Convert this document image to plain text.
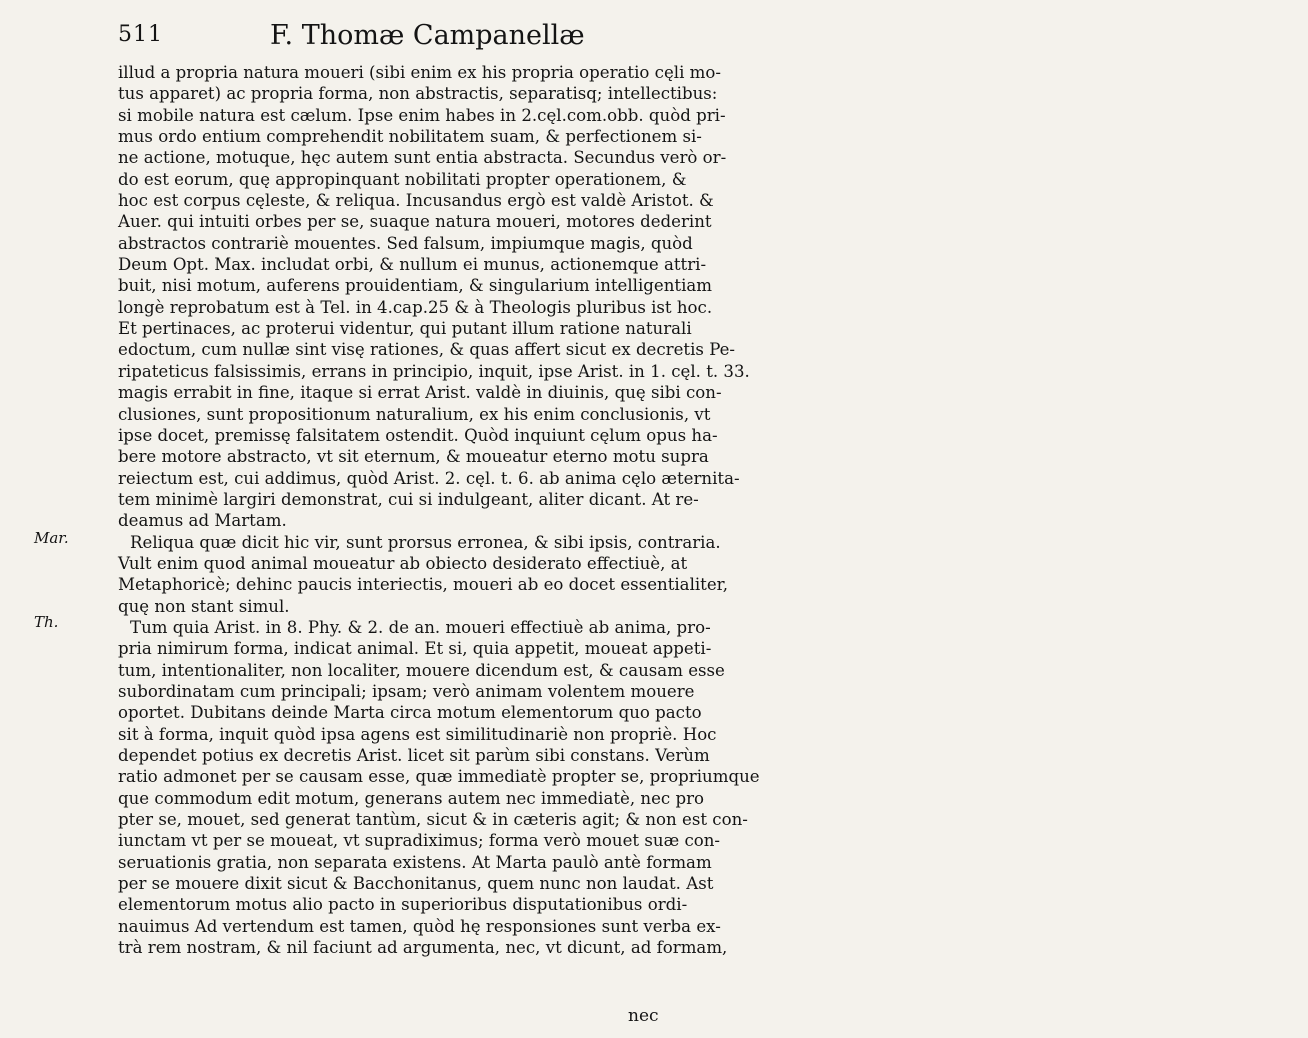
511	F. Thomæ Campanellæ
Mar.
Th.
illud a propria natura moueri (sibi enim ex his propria operatio cęli mo-
tus apparet) ac propria forma, non abstractis, separatisq; intellectibus:
si mobile natura est cælum. Ipse enim habes in 2.cęl.com.obb. quòd pri-
mus ordo entium comprehendit nobilitatem suam, & perfectionem si-
ne actione, motuque, hęc autem sunt entia abstracta. Secundus verò or-
do est eorum, quę appropinquant nobilitati propter operationem, &
hoc est corpus cęleste, & reliqua. Incusandus ergò est valdè Aristot. &
Auer. qui intuiti orbes per se, suaque natura moueri, motores dederint
abstractos contrariè mouentes. Sed falsum, impiumque magis, quòd
Deum Opt. Max. includat orbi, & nullum ei munus, actionemque attri-
buit, nisi motum, auferens prouidentiam, & singularium intelligentiam
longè reprobatum est à Tel. in 4.cap.25 & à Theologis pluribus ist hoc.
Et pertinaces, ac proterui videntur, qui putant illum ratione naturali
edoctum, cum nullæ sint visę rationes, & quas affert sicut ex decretis Pe-
ripateticus falsissimis, errans in principio, inquit, ipse Arist. in 1. cęl. t. 33.
magis errabit in fine, itaque si errat Arist. valdè in diuinis, quę sibi con-
clusiones, sunt propositionum naturalium, ex his enim conclusionis, vt
ipse docet, premissę falsitatem ostendit. Quòd inquiunt cęlum opus ha-
bere motore abstracto, vt sit eternum, & moueatur eterno motu supra
reiectum est, cui addimus, quòd Arist. 2. cęl. t. 6. ab anima cęlo æternita-
tem minimè largiri demonstrat, cui si indulgeant, aliter dicant. At re-
deamus ad Martam.
Reliqua quæ dicit hic vir, sunt prorsus erronea, & sibi ipsis, contraria.
Vult enim quod animal moueatur ab obiecto desiderato effectiuè, at
Metaphoricè; dehinc paucis interiectis, moueri ab eo docet essentialiter,
quę non stant simul.
Tum quia Arist. in 8. Phy. & 2. de an. moueri effectiuè ab anima, pro-
pria nimirum forma, indicat animal. Et si, quia appetit, moueat appeti-
tum, intentionaliter, non localiter, mouere dicendum est, & causam esse
subordinatam cum principali; ipsam; verò animam volentem mouere
oportet. Dubitans deinde Marta circa motum elementorum quo pacto
sit à forma, inquit quòd ipsa agens est similitudinariè non propriè. Hoc
dependet potius ex decretis Arist. licet sit parùm sibi constans. Verùm
ratio admonet per se causam esse, quæ immediatè propter se, propriumque
que commodum edit motum, generans autem nec immediatè, nec pro
pter se, mouet, sed generat tantùm, sicut & in cæteris agit; & non est con-
iunctam vt per se moueat, vt supradiximus; forma verò mouet suæ con-
seruationis gratia, non separata existens. At Marta paulò antè formam
per se mouere dixit sicut & Bacchonitanus, quem nunc non laudat. Ast
elementorum motus alio pacto in superioribus disputationibus ordi-
nauimus Ad vertendum est tamen, quòd hę responsiones sunt verba ex-
trà rem nostram, & nil faciunt ad argumenta, nec, vt dicunt, ad formam,
nec
